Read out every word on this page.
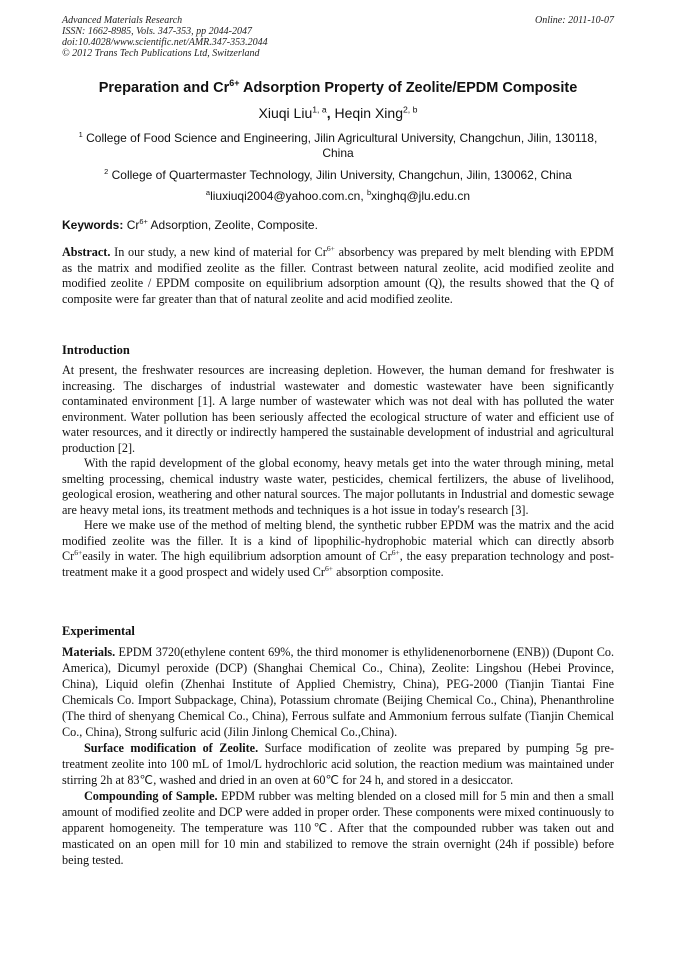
Advanced Materials Research
ISSN: 1662-8985, Vols. 347-353, pp 2044-2047
doi:10.4028/www.scientific.net/AMR.347-353.2044
© 2012 Trans Tech Publications Ltd, Switzerland
Online: 2011-10-07
Preparation and $Cr^{6+}$ Adsorption Property of Zeolite/EPDM Composite
Xiuqi Liu$^{1, a}$, Heqin Xing$^{2, b}$
$^1$ College of Food Science and Engineering, Jilin Agricultural University, Changchun, Jilin, 130118,
China
$^2$ College of Quartermaster Technology, Jilin University, Changchun, Jilin, 130062, China
$^a$liuxiuqi2004@yahoo.com.cn, $^b$xinghq@jlu.edu.cn
Keywords: $Cr^{6+}$ Adsorption, Zeolite, Composite.

Abstract. In our study, a new kind of material for $Cr^{6+}$ absorbency was prepared by melt blending with EPDM as the matrix and modified zeolite as the filler. Contrast between natural zeolite, acid modified zeolite and modified zeolite / EPDM composite on equilibrium adsorption amount (Q), the results showed that the Q of composite were far greater than that of natural zeolite and acid modified zeolite.

Introduction

At present, the freshwater resources are increasing depletion. However, the human demand for freshwater is increasing. The discharges of industrial wastewater and domestic wastewater have been significantly contaminated environment [1]. A large number of wastewater which was not deal with has polluted the water environment. Water pollution has been seriously affected the ecological structure of water and efficient use of water resources, and it directly or indirectly hampered the sustainable development of industrial and agricultural production [2].

With the rapid development of the global economy, heavy metals get into the water through mining, metal smelting processing, chemical industry waste water, pesticides, chemical fertilizers, the abuse of livelihood, geological erosion, weathering and other natural sources. The major pollutants in Industrial and domestic sewage are heavy metal ions, its treatment methods and techniques is a hot issue in today's research [3].

Here we make use of the method of melting blend, the synthetic rubber EPDM was the matrix and the acid modified zeolite was the filler. It is a kind of lipophilic-hydrophobic material which can directly absorb $Cr^{6+}easily$ in water. The high equilibrium adsorption amount of $Cr^{6+}$, the easy preparation technology and post-treatment make it a good prospect and widely used $Cr^{6+}$ absorption composite.

Experimental

Materials. EPDM 3720(ethylene content 69%, the third monomer is ethylidenenorbornene (ENB)) (Dupont Co. America), Dicumyl peroxide (DCP) (Shanghai Chemical Co., China), Zeolite: Lingshou (Hebei Province, China), Liquid olefin (Zhenhai Institute of Applied Chemistry, China), PEG-2000 (Tianjin Tiantai Fine Chemicals Co. Import Subpackage, China), Potassium chromate (Beijing Chemical Co., China), Phenanthroline (The third of shenyang Chemical Co., China), Ferrous sulfate and Ammonium ferrous sulfate (Tianjin Chemical Co., China), Strong sulfuric acid (Jilin Jinlong Chemical Co.,China).

Surface modification of Zeolite. Surface modification of zeolite was prepared by pumping 5g pre-treatment zeolite into 100 mL of 1mol/L hydrochloric acid solution, the reaction medium was maintained under stirring 2h at 83℃, washed and dried in an oven at 60℃ for 24 h, and stored in a desiccator.

Compounding of Sample. EPDM rubber was melting blended on a closed mill for 5 min and then a small amount of modified zeolite and DCP were added in proper order. These components were mixed continuously to apparent homogeneity. The temperature was 110℃. After that the compounded rubber was taken out and masticated on an open mill for 10 min and stabilized to remove the strain overnight (24h if possible) before being tested.
